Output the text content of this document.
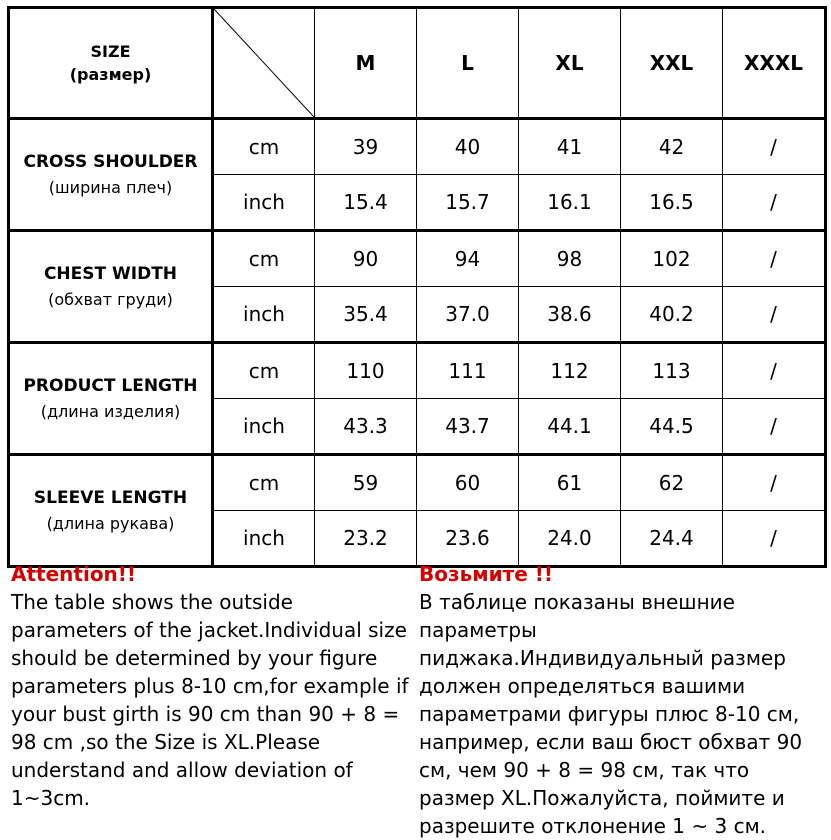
SIZE
(размер)		M	L	XL	XXL	XXXL

CROSS SHOULDER
(ширина плеч)	cm	39	40	41	42	/
	inch	15.4	15.7	16.1	16.5	/

CHEST WIDTH
(обхват груди)	cm	90	94	98	102	/
	inch	35.4	37.0	38.6	40.2	/

PRODUCT LENGTH
(длина изделия)	cm	110	111	112	113	/
	inch	43.3	43.7	44.1	44.5	/

SLEEVE LENGTH
(длина рукава)	cm	59	60	61	62	/
	inch	23.2	23.6	24.0	24.4	/
Attention!!
The table shows the outside parameters of the jacket.Individual size should be determined by your figure parameters plus 8-10 cm,for example if your bust girth is 90 cm than 90 + 8 = 98 cm ,so the Size is XL.Please understand and allow deviation of 1~3cm.
Возьмите !!
В таблице показаны внешние параметры пиджака.Индивидуальный размер должен определяться вашими параметрами фигуры плюс 8-10 см, например, если ваш бюст обхват 90 см, чем 90 + 8 = 98 см, так что размер XL.Пожалуйста, поймите и разрешите отклонение 1 ~ 3 см.
